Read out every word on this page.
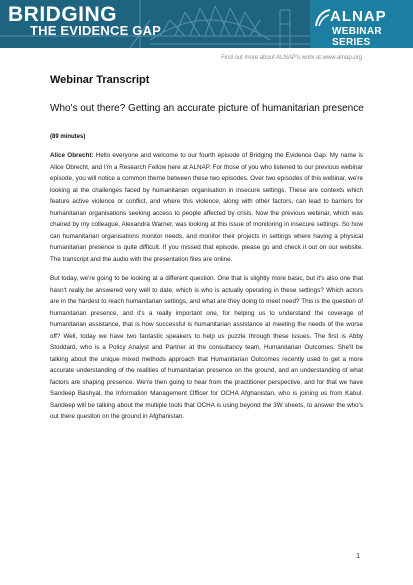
BRIDGING
THE EVIDENCE GAP
ALNAP
WEBINAR SERIES
Find out more about ALNAP's work at www.alnap.org
Webinar Transcript
Who's out there? Getting an accurate picture of humanitarian presence
(89 minutes)

Alice Obrecht: Hello everyone and welcome to our fourth episode of Bridging the Evidence Gap. My name is Alice Obrecht, and I'm a Research Fellow here at ALNAP. For those of you who listened to our previous webinar episode, you will notice a common theme between these two episodes. Over two episodes of this webinar, we're looking at the challenges faced by humanitarian organisation in insecure settings. These are contexts which feature active violence or conflict, and where this violence, along with other factors, can lead to barriers for humanitarian organisations seeking access to people affected by crisis. Now the previous webinar, which was chaired by my colleague, Alexandra Warner, was looking at this issue of monitoring in insecure settings. So how can humanitarian organisations monitor needs, and monitor their projects in settings where having a physical humanitarian presence is quite difficult. If you missed that episode, please go and check it out on our website. The transcript and the audio with the presentation files are online.

But today, we're going to be looking at a different question. One that is slightly more basic, but it's also one that hasn't really be answered very well to date, which is who is actually operating in these settings? Which actors are in the hardest to reach humanitarian settings, and what are they doing to meet need? This is the question of humanitarian presence, and it's a really important one, for helping us to understand the coverage of humanitarian assistance, that is how successful is humanitarian assistance at meeting the needs of the worse off? Well, today we have two fantastic speakers to help us puzzle through these issues. The first is Abby Stoddard, who is a Policy Analyst and Partner at the consultancy team, Humanitarian Outcomes. She'll be talking about the unique mixed methods approach that Humanitarian Outcomes recently used to get a more accurate understanding of the realities of humanitarian presence on the ground, and an understanding of what factors are shaping presence. We're then going to hear from the practitioner perspective, and for that we have Sandeep Bashyal, the Information Management Officer for OCHA Afghanistan, who is joining us from Kabul. Sandeep will be talking about the multiple tools that OCHA is using beyond the 3W sheets, to answer the who's out there question on the ground in Afghanistan.

1
